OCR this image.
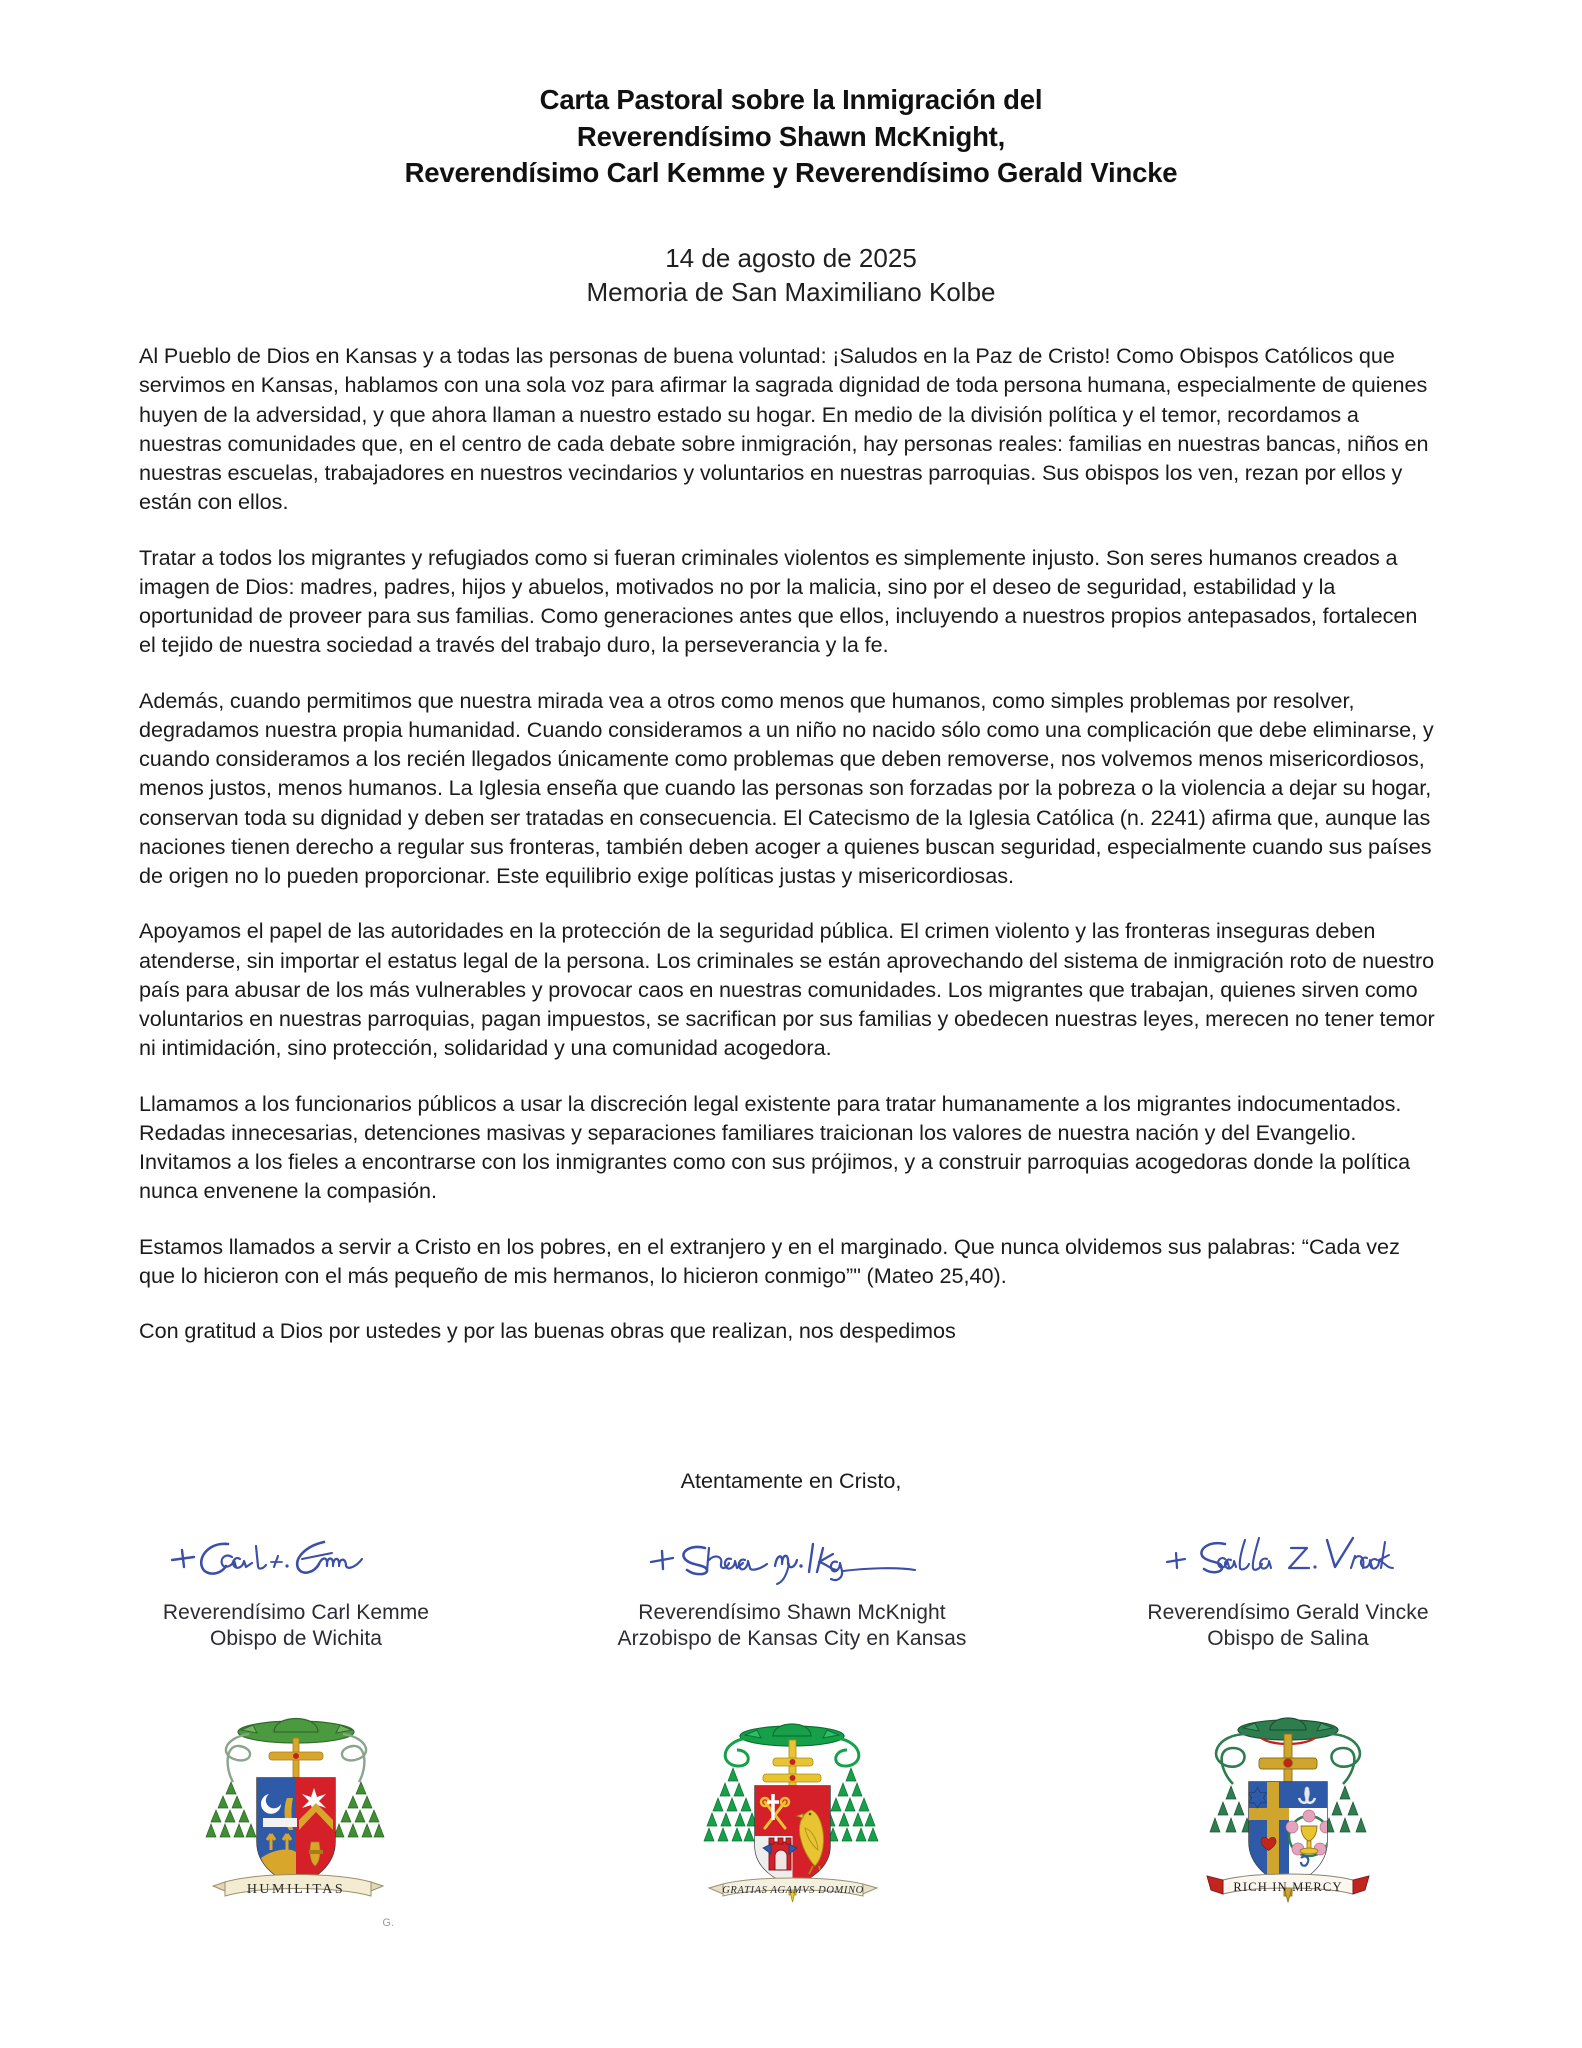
Carta Pastoral sobre la Inmigración del
Reverendísimo Shawn McKnight,
Reverendísimo Carl Kemme y Reverendísimo Gerald Vincke
14 de agosto de 2025
Memoria de San Maximiliano Kolbe

Al Pueblo de Dios en Kansas y a todas las personas de buena voluntad: ¡Saludos en la Paz de Cristo! Como Obispos Católicos que servimos en Kansas, hablamos con una sola voz para afirmar la sagrada dignidad de toda persona humana, especialmente de quienes huyen de la adversidad, y que ahora llaman a nuestro estado su hogar. En medio de la división política y el temor, recordamos a nuestras comunidades que, en el centro de cada debate sobre inmigración, hay personas reales: familias en nuestras bancas, niños en nuestras escuelas, trabajadores en nuestros vecindarios y voluntarios en nuestras parroquias. Sus obispos los ven, rezan por ellos y están con ellos.

Tratar a todos los migrantes y refugiados como si fueran criminales violentos es simplemente injusto. Son seres humanos creados a imagen de Dios: madres, padres, hijos y abuelos, motivados no por la malicia, sino por el deseo de seguridad, estabilidad y la oportunidad de proveer para sus familias. Como generaciones antes que ellos, incluyendo a nuestros propios antepasados, fortalecen el tejido de nuestra sociedad a través del trabajo duro, la perseverancia y la fe.

Además, cuando permitimos que nuestra mirada vea a otros como menos que humanos, como simples problemas por resolver, degradamos nuestra propia humanidad. Cuando consideramos a un niño no nacido sólo como una complicación que debe eliminarse, y cuando consideramos a los recién llegados únicamente como problemas que deben removerse, nos volvemos menos misericordiosos, menos justos, menos humanos. La Iglesia enseña que cuando las personas son forzadas por la pobreza o la violencia a dejar su hogar, conservan toda su dignidad y deben ser tratadas en consecuencia. El Catecismo de la Iglesia Católica (n. 2241) afirma que, aunque las naciones tienen derecho a regular sus fronteras, también deben acoger a quienes buscan seguridad, especialmente cuando sus países de origen no lo pueden proporcionar. Este equilibrio exige políticas justas y misericordiosas.

Apoyamos el papel de las autoridades en la protección de la seguridad pública. El crimen violento y las fronteras inseguras deben atenderse, sin importar el estatus legal de la persona. Los criminales se están aprovechando del sistema de inmigración roto de nuestro país para abusar de los más vulnerables y provocar caos en nuestras comunidades. Los migrantes que trabajan, quienes sirven como voluntarios en nuestras parroquias, pagan impuestos, se sacrifican por sus familias y obedecen nuestras leyes, merecen no tener temor ni intimidación, sino protección, solidaridad y una comunidad acogedora.

Llamamos a los funcionarios públicos a usar la discreción legal existente para tratar humanamente a los migrantes indocumentados. Redadas innecesarias, detenciones masivas y separaciones familiares traicionan los valores de nuestra nación y del Evangelio. Invitamos a los fieles a encontrarse con los inmigrantes como con sus prójimos, y a construir parroquias acogedoras donde la política nunca envenene la compasión.

Estamos llamados a servir a Cristo en los pobres, en el extranjero y en el marginado. Que nunca olvidemos sus palabras: “Cada vez que lo hicieron con el más pequeño de mis hermanos, lo hicieron conmigo”" (Mateo 25,40).

Con gratitud a Dios por ustedes y por las buenas obras que realizan, nos despedimos

Atentamente en Cristo,
Reverendísimo Carl Kemme
Obispo de Wichita
Reverendísimo Shawn McKnight
Arzobispo de Kansas City en Kansas
Reverendísimo Gerald Vincke
Obispo de Salina
HUMILITAS
G.
GRATIAS AGAMVS DOMINO	RICH IN MERCY
